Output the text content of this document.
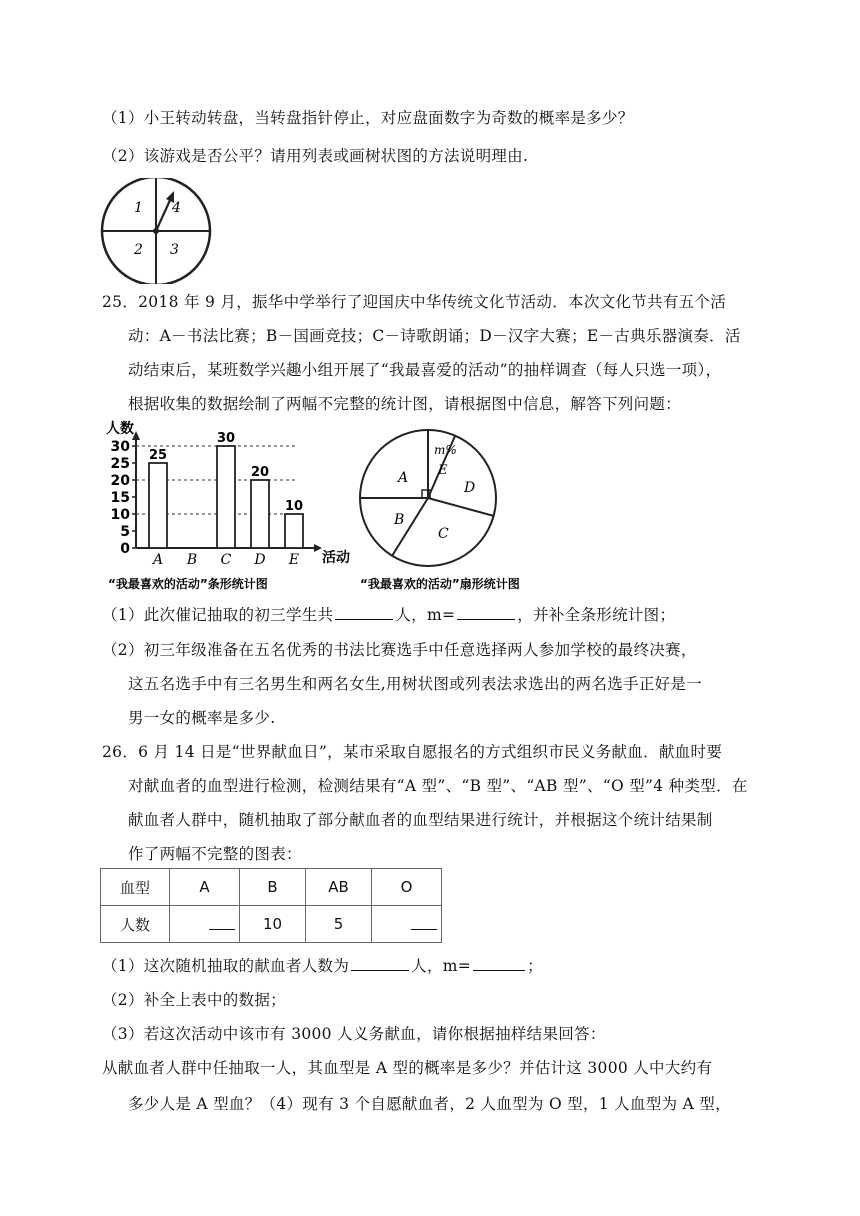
（1）小王转动转盘，当转盘指针停止，对应盘面数字为奇数的概率是多少？
（2）该游戏是否公平？请用列表或画树状图的方法说明理由.
1 4
2 3
25．2018 年 9 月，振华中学举行了迎国庆中华传统文化节活动．本次文化节共有五个活
动：A－书法比赛；B－国画竞技；C－诗歌朗诵；D－汉字大赛；E－古典乐器演奏．活
动结束后，某班数学兴趣小组开展了“我最喜爱的活动”的抽样调查（每人只选一项），
根据收集的数据绘制了两幅不完整的统计图，请根据图中信息，解答下列问题：
人数
0
5
10
15
20
25
30
25
30
20
10
A B C D E 活动
“我最喜欢的活动”条形统计图
A
B
C
D
E
m%
“我最喜欢的活动”扇形统计图
（1）此次催记抽取的初三学生共	人，m=	，并补全条形统计图；
（2）初三年级准备在五名优秀的书法比赛选手中任意选择两人参加学校的最终决赛，
这五名选手中有三名男生和两名女生,用树状图或列表法求选出的两名选手正好是一
男一女的概率是多少.
26．6 月 14 日是“世界献血日”，某市采取自愿报名的方式组织市民义务献血．献血时要
对献血者的血型进行检测，检测结果有“A 型”、“B 型”、“AB 型”、“O 型”4 种类型．在
献血者人群中，随机抽取了部分献血者的血型结果进行统计，并根据这个统计结果制
作了两幅不完整的图表：
血型	A	B	AB	O
人数		10	5	
（1）这次随机抽取的献血者人数为	人，m=	；
（2）补全上表中的数据；
（3）若这次活动中该市有 3000 人义务献血，请你根据抽样结果回答：
从献血者人群中任抽取一人，其血型是 A 型的概率是多少？并估计这 3000 人中大约有
多少人是 A 型血？（4）现有 3 个自愿献血者，2 人血型为 O 型，1 人血型为 A 型，
